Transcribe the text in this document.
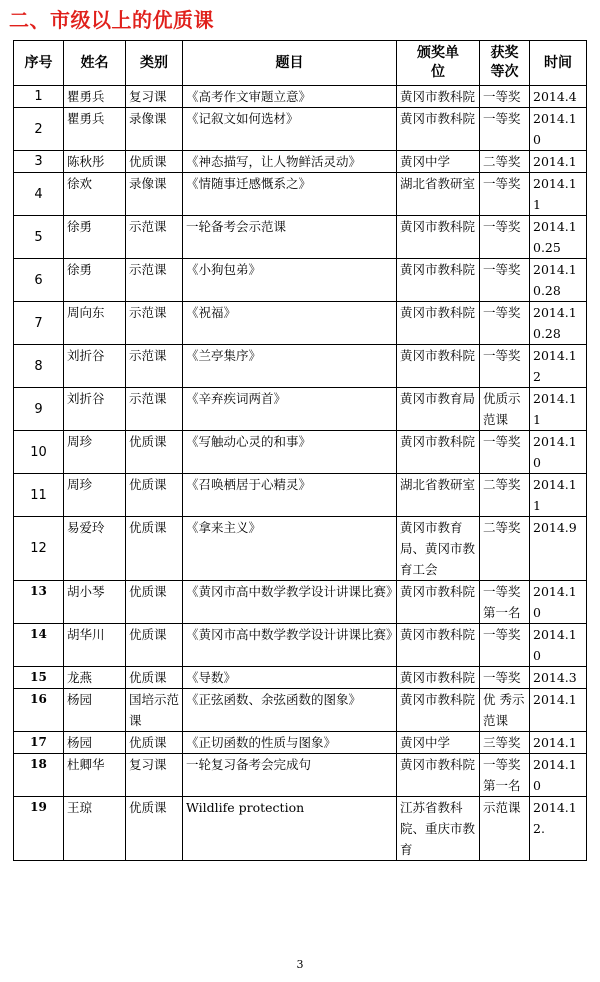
二、市级以上的优质课
序号	姓名	类别	题目	颁奖单位	获奖等次	时间

1	瞿勇兵	复习课	《高考作文审题立意》	黄冈市教科院	一等奖	2014.4

2	瞿勇兵	录像课	《记叙文如何选材》	黄冈市教科院	一等奖	2014.10

3	陈秋彤	优质课	《神态描写，让人物鲜活灵动》	黄冈中学	二等奖	2014.1

4	徐欢	录像课	《情随事迁感慨系之》	湖北省教研室	一等奖	2014.11

5	徐勇	示范课	一轮备考会示范课	黄冈市教科院	一等奖	2014.10.25

6	徐勇	示范课	《小狗包弟》	黄冈市教科院	一等奖	2014.10.28

7	周向东	示范课	《祝福》	黄冈市教科院	一等奖	2014.10.28

8	刘折谷	示范课	《兰亭集序》	黄冈市教科院	一等奖	2014.12

9	刘折谷	示范课	《辛弃疾词两首》	黄冈市教育局	优质示范课	2014.11

10	周珍	优质课	《写触动心灵的和事》	黄冈市教科院	一等奖	2014.10

11	周珍	优质课	《召唤栖居于心精灵》	湖北省教研室	二等奖	2014.11

12	易爱玲	优质课	《拿来主义》	黄冈市教育局、黄冈市教育工会	二等奖	2014.9

13	胡小琴	优质课	《黄冈市高中数学教学设计讲课比赛》	黄冈市教科院	一等奖第一名	2014.10

14	胡华川	优质课	《黄冈市高中数学教学设计讲课比赛》	黄冈市教科院	一等奖	2014.10

15	龙燕	优质课	《导数》	黄冈市教科院	一等奖	2014.3

16	杨园	国培示范课	《正弦函数、余弦函数的图象》	黄冈市教科院	优 秀示 范课	2014.1

17	杨园	优质课	《正切函数的性质与图象》	黄冈中学	三等奖	2014.1

18	杜卿华	复习课	一轮复习备考会完成句	黄冈市教科院	一等奖第一名	2014.10

19	王琼	优质课	Wildlife protection	江苏省教科院、重庆市教育	示范课	2014.12.
3
